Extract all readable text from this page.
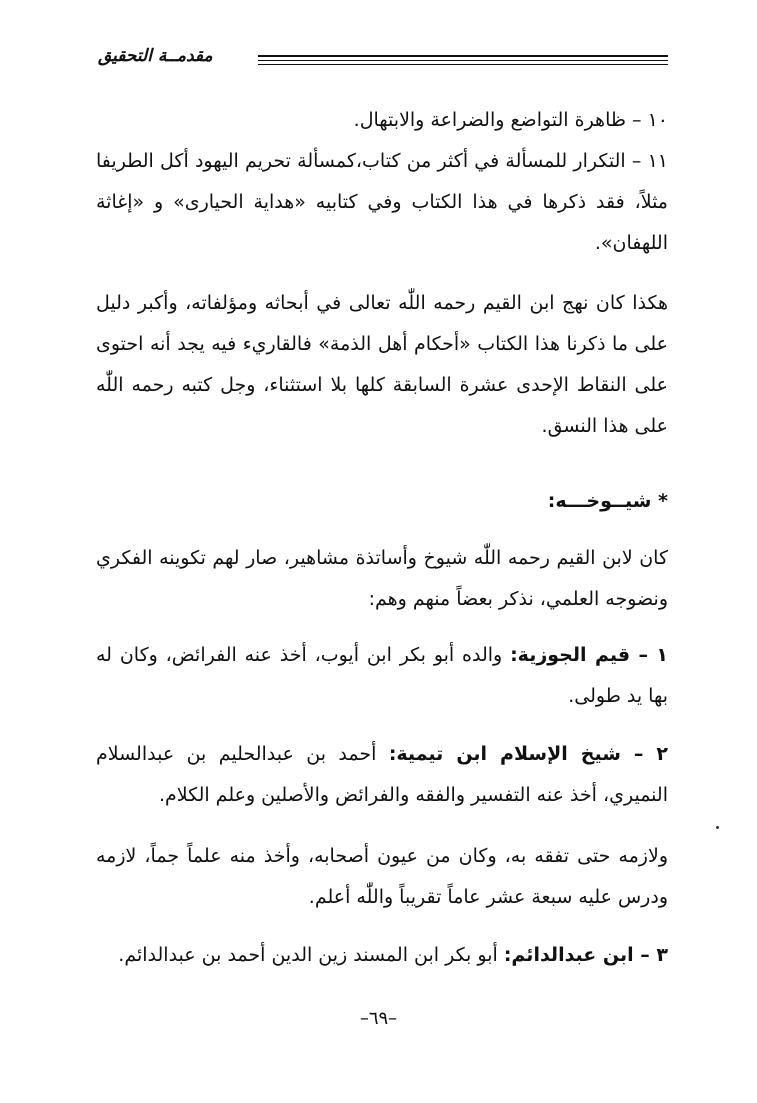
مقدمــة التحقيق

١٠ – ظاهرة التواضع والضراعة والابتهال.

١١ – التكرار للمسألة في أكثر من كتاب،كمسألة تحريم اليهود أكل الطريفا مثلاً، فقد ذكرها في هذا الكتاب وفي كتابيه «هداية الحيارى» و «إغاثة اللهفان».

هكذا كان نهج ابن القيم رحمه اللّٰه تعالى في أبحاثه ومؤلفاته، وأكبر دليل على ما ذكرنا هذا الكتاب «أحكام أهل الذمة» فالقاريء فيه يجد أنه احتوى على النقاط الإحدى عشرة السابقة كلها بلا استثناء، وجل كتبه رحمه اللّٰه على هذا النسق.

* شيــوخـــه:

كان لابن القيم رحمه اللّٰه شيوخ وأساتذة مشاهير، صار لهم تكوينه الفكري ونضوجه العلمي، نذكر بعضاً منهم وهم:

١ – قيم الجوزية: والده أبو بكر ابن أيوب، أخذ عنه الفرائض، وكان له بها يد طولى.

٢ – شيخ الإسلام ابن تيمية: أحمد بن عبدالحليم بن عبدالسلام النميري، أخذ عنه التفسير والفقه والفرائض والأصلين وعلم الكلام.

ولازمه حتى تفقه به، وكان من عيون أصحابه، وأخذ منه علماً جماً، لازمه ودرس عليه سبعة عشر عاماً تقريباً واللّٰه أعلم.

٣ – ابن عبدالدائم: أبو بكر ابن المسند زين الدين أحمد بن عبدالدائم.

–٦٩–
